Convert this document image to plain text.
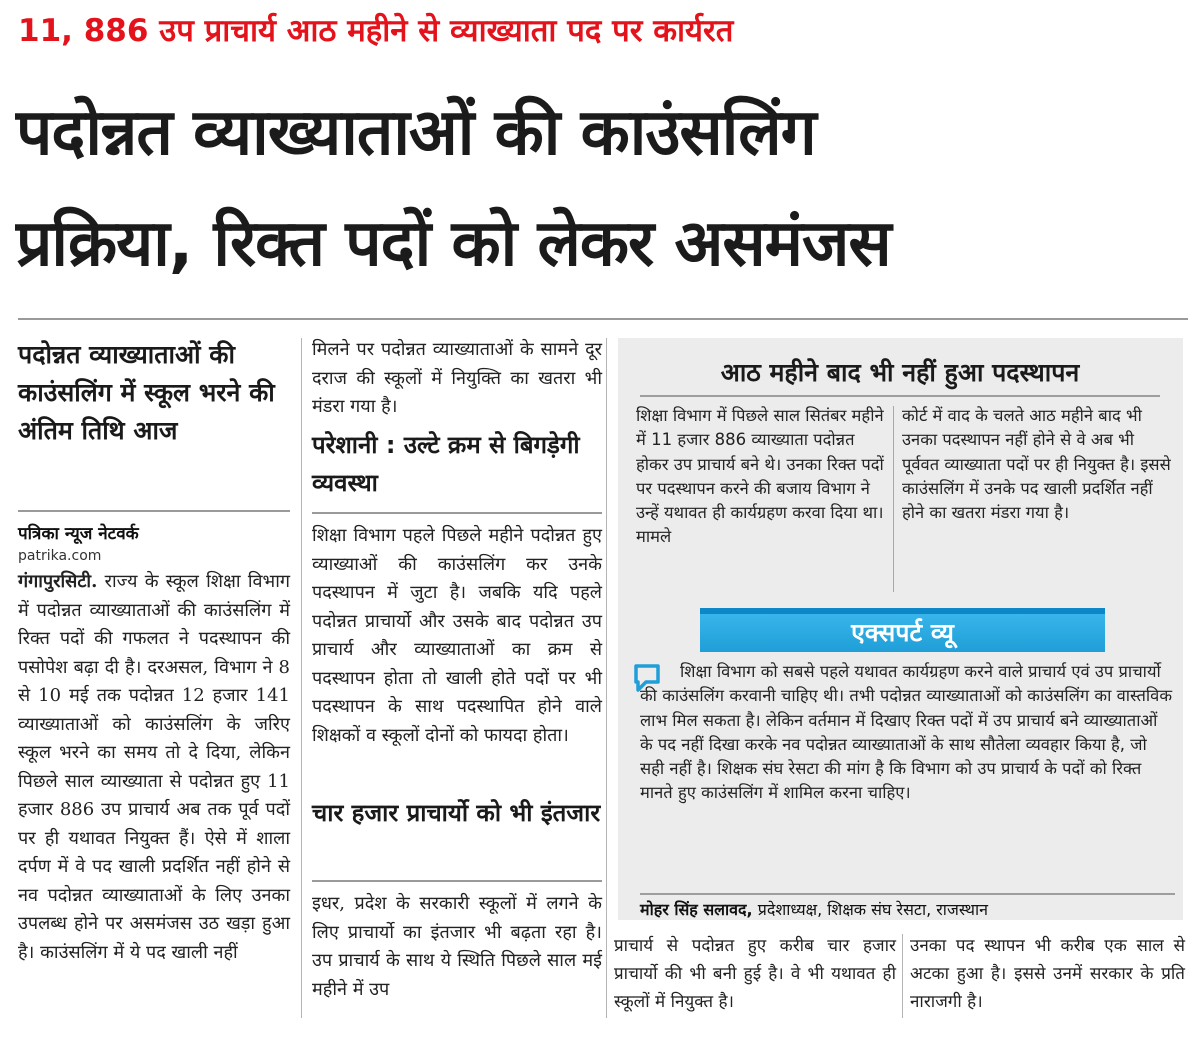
11, 886 उप प्राचार्य आठ महीने से व्याख्याता पद पर कार्यरत
पदोन्नत व्याख्याताओं की काउंसलिंग
प्रक्रिया, रिक्त पदों को लेकर असमंजस
पदोन्नत व्याख्याताओं की काउंसलिंग में स्कूल भरने की अंतिम तिथि आज
पत्रिका न्यूज नेटवर्क
patrika.com
गंगापुरसिटी. राज्य के स्कूल शिक्षा विभाग में पदोन्नत व्याख्याताओं की काउंसलिंग में रिक्त पदों की गफलत ने पदस्थापन की पसोपेश बढ़ा दी है। दरअसल, विभाग ने 8 से 10 मई तक पदोन्नत 12 हजार 141 व्याख्याताओं को काउंसलिंग के जरिए स्कूल भरने का समय तो दे दिया, लेकिन पिछले साल व्याख्याता से पदोन्नत हुए 11 हजार 886 उप प्राचार्य अब तक पूर्व पदों पर ही यथावत नियुक्त हैं। ऐसे में शाला दर्पण में वे पद खाली प्रदर्शित नहीं होने से नव पदोन्नत व्याख्याताओं के लिए उनका उपलब्ध होने पर असमंजस उठ खड़ा हुआ है। काउंसलिंग में ये पद खाली नहीं
मिलने पर पदोन्नत व्याख्याताओं के सामने दूर दराज की स्कूलों में नियुक्ति का खतरा भी मंडरा गया है।
परेशानी : उल्टे क्रम से बिगड़ेगी व्यवस्था
शिक्षा विभाग पहले पिछले महीने पदोन्नत हुए व्याख्याओं की काउंसलिंग कर उनके पदस्थापन में जुटा है। जबकि यदि पहले पदोन्नत प्राचार्यो और उसके बाद पदोन्नत उप प्राचार्य और व्याख्याताओं का क्रम से पदस्थापन होता तो खाली होते पदों पर भी पदस्थापन के साथ पदस्थापित होने वाले शिक्षकों व स्कूलों दोनों को फायदा होता।
चार हजार प्राचार्यो को भी इंतजार
इधर, प्रदेश के सरकारी स्कूलों में लगने के लिए प्राचार्यो का इंतजार भी बढ़ता रहा है। उप प्राचार्य के साथ ये स्थिति पिछले साल मई महीने में उप
आठ महीने बाद भी नहीं हुआ पदस्थापन
शिक्षा विभाग में पिछले साल सितंबर महीने में 11 हजार 886 व्याख्याता पदोन्नत होकर उप प्राचार्य बने थे। उनका रिक्त पदों पर पदस्थापन करने की बजाय विभाग ने उन्हें यथावत ही कार्यग्रहण करवा दिया था। मामले
कोर्ट में वाद के चलते आठ महीने बाद भी उनका पदस्थापन नहीं होने से वे अब भी पूर्ववत व्याख्याता पदों पर ही नियुक्त है। इससे काउंसलिंग में उनके पद खाली प्रदर्शित नहीं होने का खतरा मंडरा गया है।
एक्सपर्ट व्यू
शिक्षा विभाग को सबसे पहले यथावत कार्यग्रहण करने वाले प्राचार्य एवं उप प्राचार्यो की काउंसलिंग करवानी चाहिए थी। तभी पदोन्नत व्याख्याताओं को काउंसलिंग का वास्तविक लाभ मिल सकता है। लेकिन वर्तमान में दिखाए रिक्त पदों में उप प्राचार्य बने व्याख्याताओं के पद नहीं दिखा करके नव पदोन्नत व्याख्याताओं के साथ सौतेला व्यवहार किया है, जो सही नहीं है। शिक्षक संघ रेसटा की मांग है कि विभाग को उप प्राचार्य के पदों को रिक्त मानते हुए काउंसलिंग में शामिल करना चाहिए।
मोहर सिंह सलावद, प्रदेशाध्यक्ष, शिक्षक संघ रेसटा, राजस्थान
प्राचार्य से पदोन्नत हुए करीब चार हजार प्राचार्यो की भी बनी हुई है। वे भी यथावत ही स्कूलों में नियुक्त है।
उनका पद स्थापन भी करीब एक साल से अटका हुआ है। इससे उनमें सरकार के प्रति नाराजगी है।
